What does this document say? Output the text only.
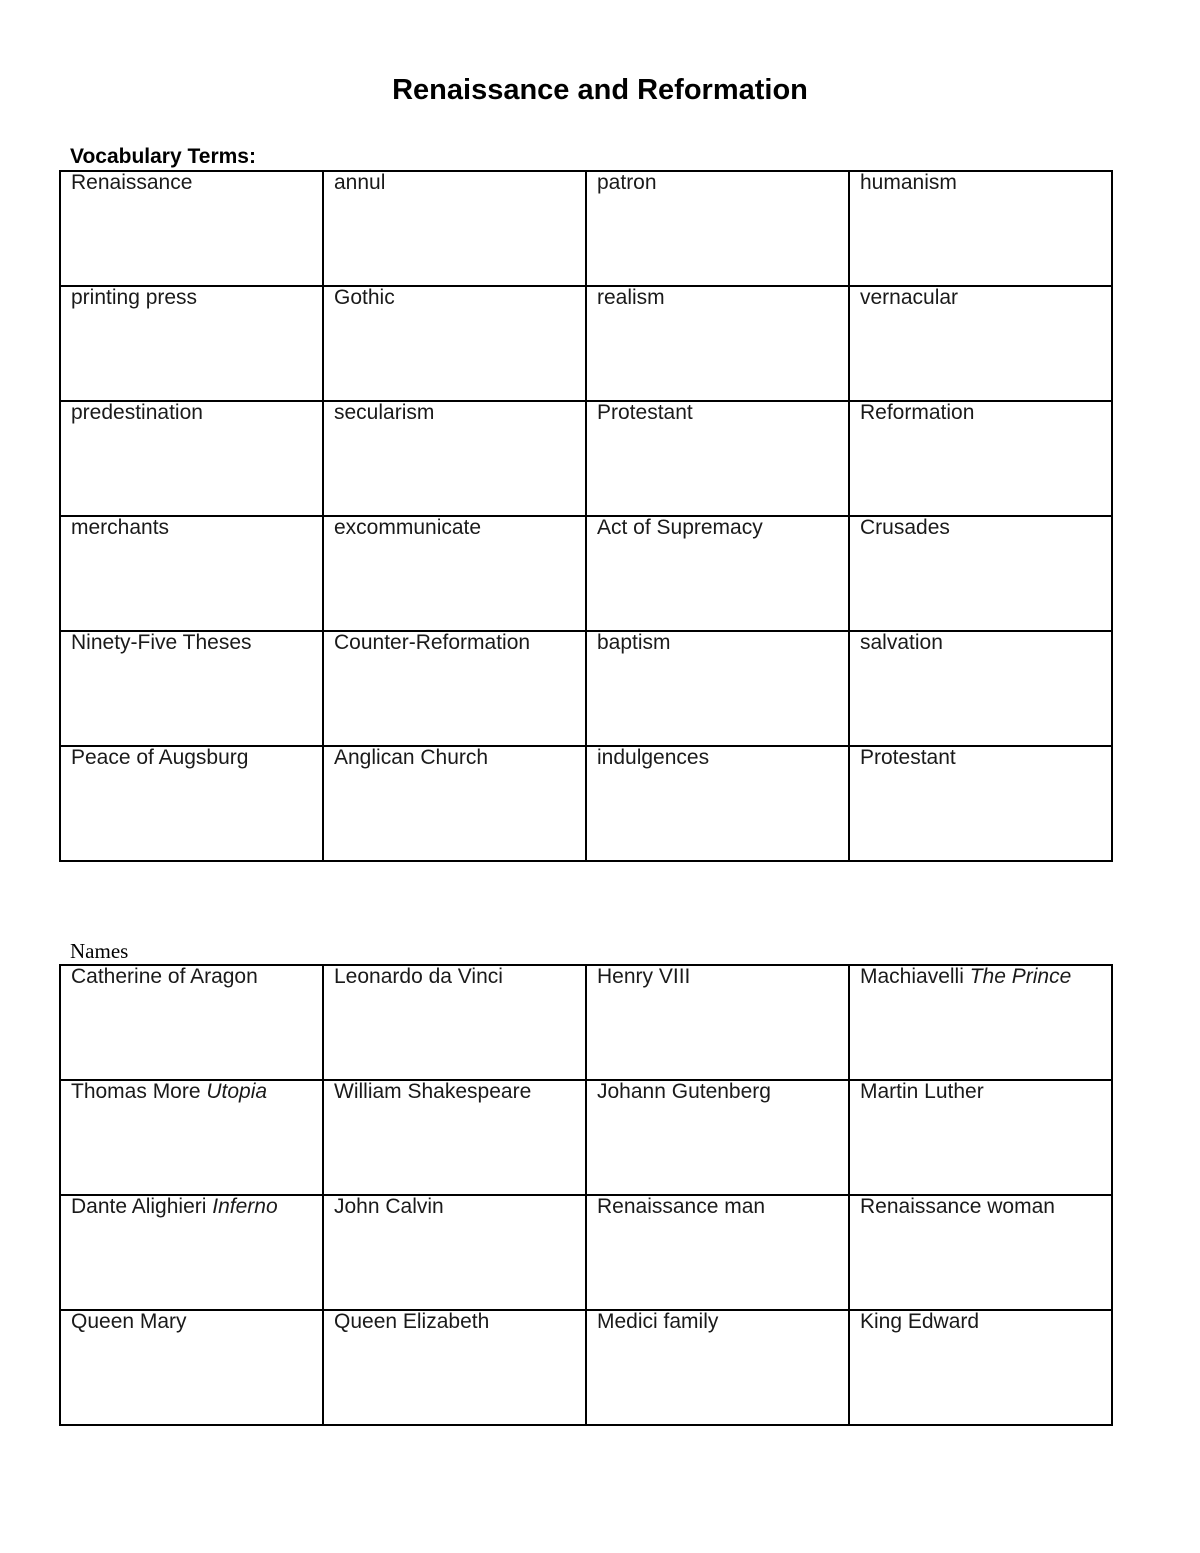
Renaissance and Reformation
Vocabulary Terms:
Renaissance	annul	patron	humanism
printing press	Gothic	realism	vernacular
predestination	secularism	Protestant	Reformation
merchants	excommunicate	Act of Supremacy	Crusades
Ninety-Five Theses	Counter-Reformation	baptism	salvation
Peace of Augsburg	Anglican Church	indulgences	Protestant
Names
Catherine of Aragon	Leonardo da Vinci	Henry VIII	Machiavelli The Prince
Thomas More Utopia	William Shakespeare	Johann Gutenberg	Martin Luther
Dante Alighieri Inferno	John Calvin	Renaissance man	Renaissance woman
Queen Mary	Queen Elizabeth	Medici family	King Edward
